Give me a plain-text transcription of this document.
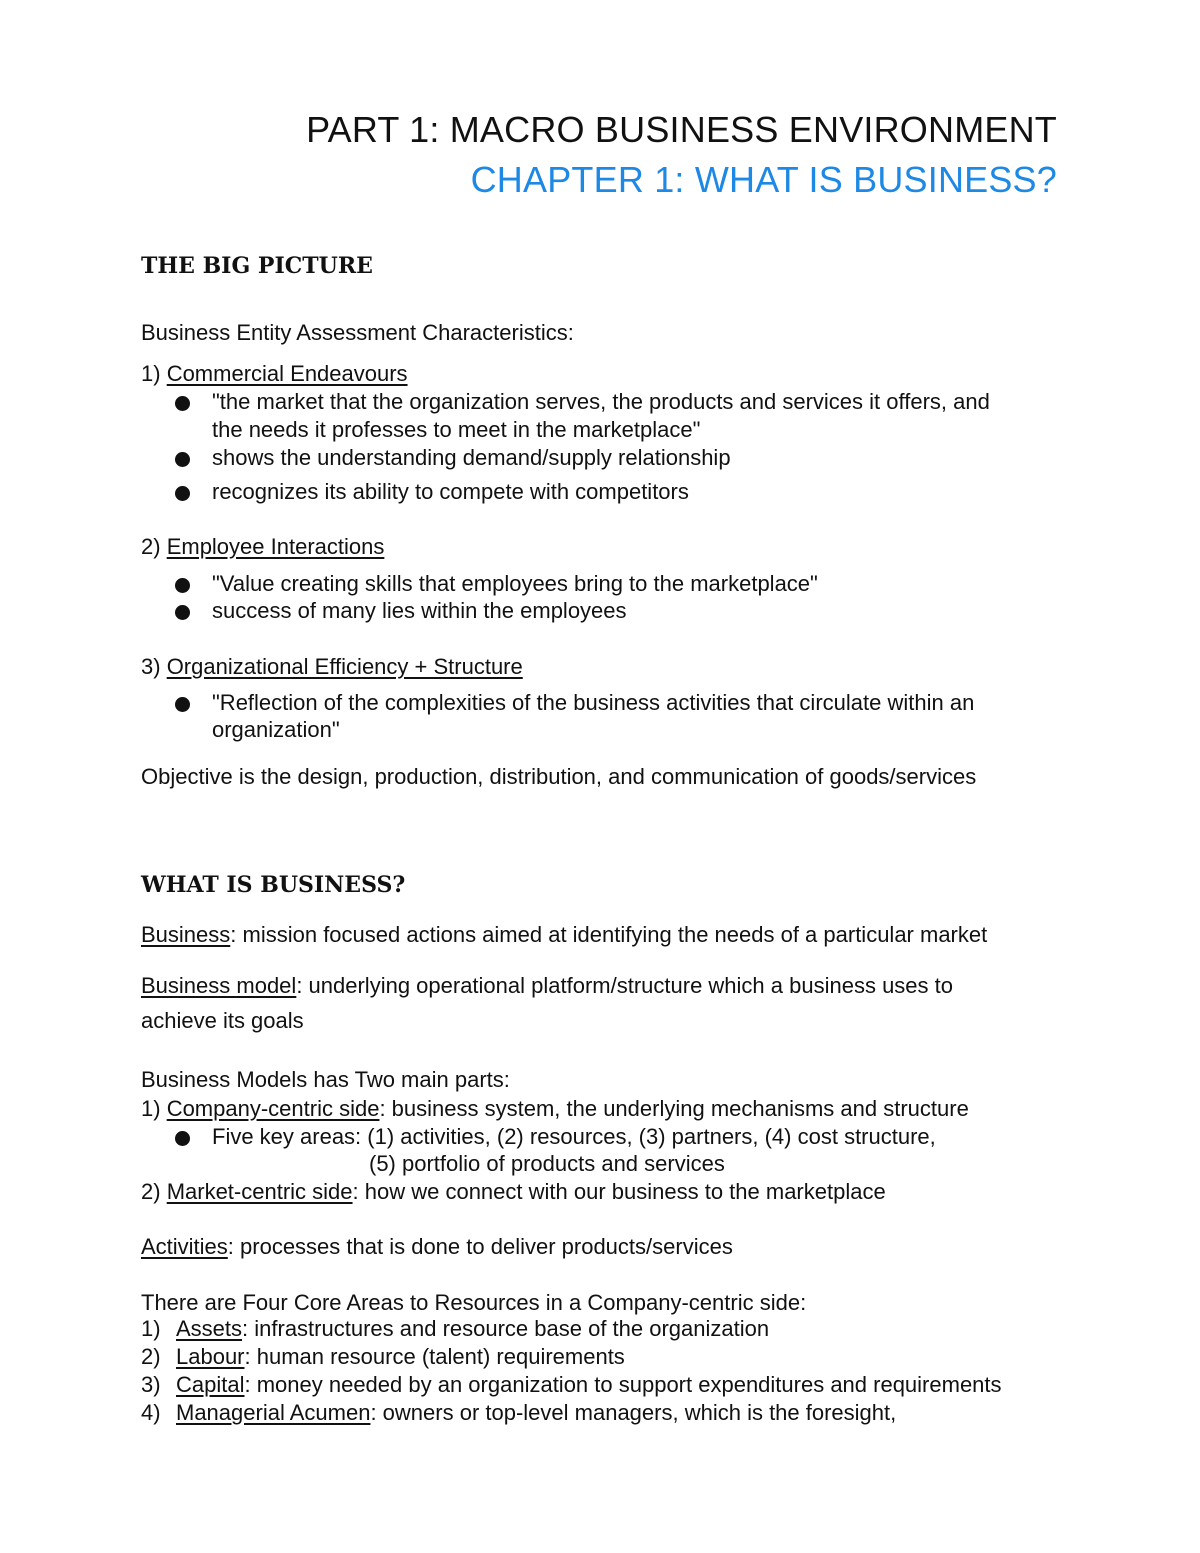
PART 1: MACRO BUSINESS ENVIRONMENT
CHAPTER 1: WHAT IS BUSINESS?
THE BIG PICTURE
Business Entity Assessment Characteristics:
1) Commercial Endeavours
"the market that the organization serves, the products and services it offers, and
the needs it professes to meet in the marketplace"
shows the understanding demand/supply relationship
recognizes its ability to compete with competitors
2) Employee Interactions
"Value creating skills that employees bring to the marketplace"
success of many lies within the employees
3) Organizational Efficiency + Structure
"Reflection of the complexities of the business activities that circulate within an
organization"
Objective is the design, production, distribution, and communication of goods/services
WHAT IS BUSINESS?
Business: mission focused actions aimed at identifying the needs of a particular market
Business model: underlying operational platform/structure which a business uses to
achieve its goals
Business Models has Two main parts:
1) Company-centric side: business system, the underlying mechanisms and structure
Five key areas: (1) activities, (2) resources, (3) partners, (4) cost structure,
(5) portfolio of products and services
2) Market-centric side: how we connect with our business to the marketplace
Activities: processes that is done to deliver products/services
There are Four Core Areas to Resources in a Company-centric side:
1) Assets: infrastructures and resource base of the organization
2) Labour: human resource (talent) requirements
3) Capital: money needed by an organization to support expenditures and requirements
4) Managerial Acumen: owners or top-level managers, which is the foresight,
